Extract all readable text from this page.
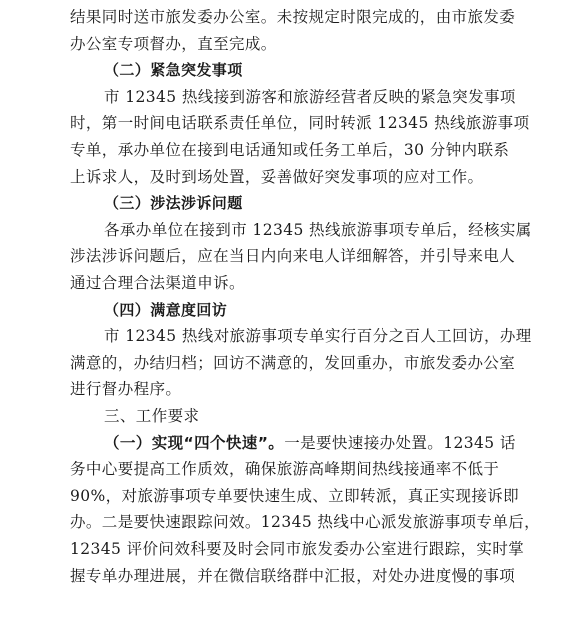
结果同时送市旅发委办公室。未按规定时限完成的，由市旅发委
办公室专项督办，直至完成。
（二）紧急突发事项
市 12345 热线接到游客和旅游经营者反映的紧急突发事项
时，第一时间电话联系责任单位，同时转派 12345 热线旅游事项
专单，承办单位在接到电话通知或任务工单后，30 分钟内联系
上诉求人，及时到场处置，妥善做好突发事项的应对工作。
（三）涉法涉诉问题
各承办单位在接到市 12345 热线旅游事项专单后，经核实属
涉法涉诉问题后，应在当日内向来电人详细解答，并引导来电人
通过合理合法渠道申诉。
（四）满意度回访
市 12345 热线对旅游事项专单实行百分之百人工回访，办理
满意的，办结归档；回访不满意的，发回重办，市旅发委办公室
进行督办程序。
三、工作要求
（一）实现“四个快速”。一是要快速接办处置。12345 话
务中心要提高工作质效，确保旅游高峰期间热线接通率不低于
90%，对旅游事项专单要快速生成、立即转派，真正实现接诉即
办。二是要快速跟踪问效。12345 热线中心派发旅游事项专单后，
12345 评价问效科要及时会同市旅发委办公室进行跟踪，实时掌
握专单办理进展，并在微信联络群中汇报，对处办进度慢的事项
